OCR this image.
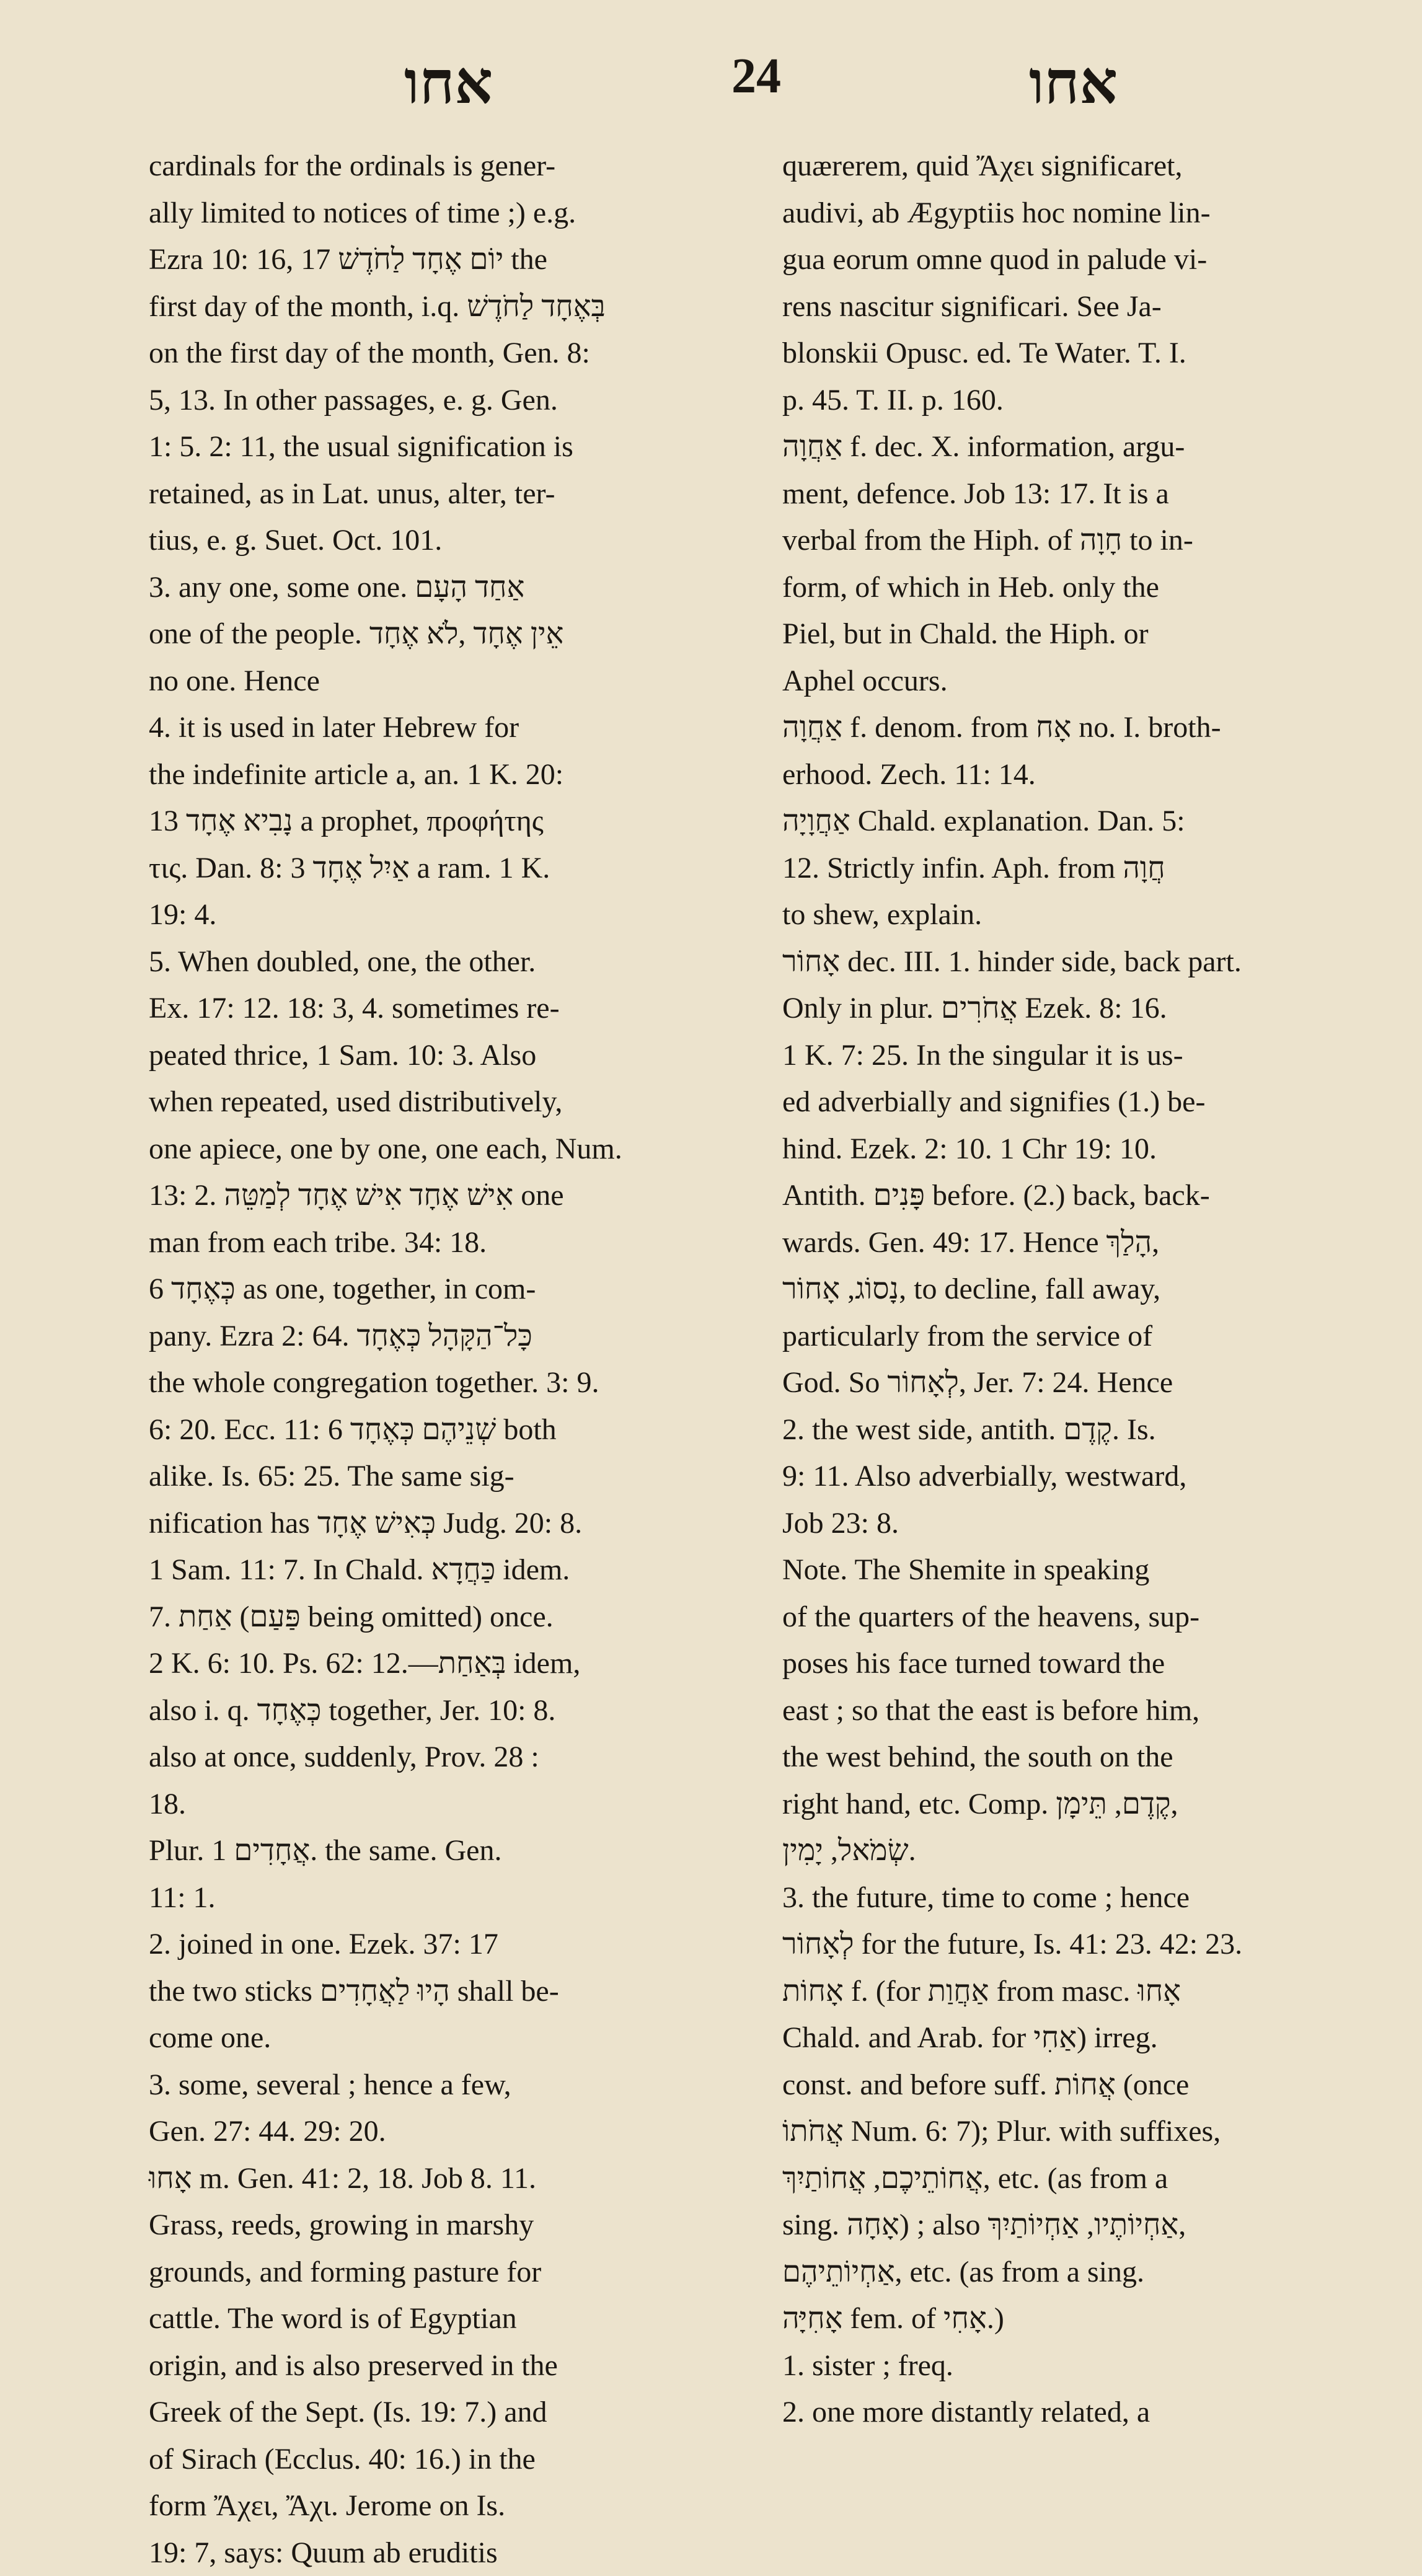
אחו	24	אחו
cardinals for the ordinals is gener-
ally limited to notices of time ;) e.g.
Ezra 10: 16, 17 יוֹם אֶחָד לַחֹדֶשׁ the
first day of the month, i.q. בְּאֶחָד לַחֹדֶשׁ
on the first day of the month, Gen. 8:
5, 13. In other passages, e. g. Gen.
1: 5. 2: 11, the usual signification is
retained, as in Lat. unus, alter, ter-
tius, e. g. Suet. Oct. 101.
3. any one, some one. אַחַד הָעָם
one of the people. אֵין אֶחָד ,לֹא אֶחָד
no one. Hence
4. it is used in later Hebrew for
the indefinite article a, an. 1 K. 20:
13 נָבִיא אֶחָד a prophet, προφήτης
τις. Dan. 8: 3 אַיִל אֶחָד a ram. 1 K.
19: 4.
5. When doubled, one, the other.
Ex. 17: 12. 18: 3, 4. sometimes re-
peated thrice, 1 Sam. 10: 3. Also
when repeated, used distributively,
one apiece, one by one, one each, Num.
13: 2. אִישׁ אֶחָד אִישׁ אֶחָד לְמַטֵּה one
man from each tribe. 34: 18.
6 כְּאֶחָד as one, together, in com-
pany. Ezra 2: 64. כָּל־הַקָּהָל כְּאֶחָד
the whole congregation together. 3: 9.
6: 20. Ecc. 11: 6 שְׁנֵיהֶם כְּאֶחָד both
alike. Is. 65: 25. The same sig-
nification has כְּאִישׁ אֶחָד Judg. 20: 8.
1 Sam. 11: 7. In Chald. כַּחֲדָא idem.
7. אַחַת (פַּעַם being omitted) once.
2 K. 6: 10. Ps. 62: 12.—בְּאַחַת idem,
also i. q. כְּאֶחָד together, Jer. 10: 8.
also at once, suddenly, Prov. 28 :
18.
Plur. אֲחָדִים 1. the same. Gen.
11: 1.
2. joined in one. Ezek. 37: 17
the two sticks הָיוּ לַאֲחָדִים shall be-
come one.
3. some, several ; hence a few,
Gen. 27: 44. 29: 20.
אָחוּ m. Gen. 41: 2, 18. Job 8. 11.
Grass, reeds, growing in marshy
grounds, and forming pasture for
cattle. The word is of Egyptian
origin, and is also preserved in the
Greek of the Sept. (Is. 19: 7.) and
of Sirach (Ecclus. 40: 16.) in the
form Ἄχει, Ἄχι. Jerome on Is.
19: 7, says: Quum ab eruditis
quærerem, quid Ἄχει significaret,
audivi, ab Ægyptiis hoc nomine lin-
gua eorum omne quod in palude vi-
rens nascitur significari. See Ja-
blonskii Opusc. ed. Te Water. T. I.
p. 45. T. II. p. 160.
אַחֲוָה f. dec. X. information, argu-
ment, defence. Job 13: 17. It is a
verbal from the Hiph. of חָוָה to in-
form, of which in Heb. only the
Piel, but in Chald. the Hiph. or
Aphel occurs.
אַחֲוָה f. denom. from אָח no. I. broth-
erhood. Zech. 11: 14.
אַחֲוָיָה Chald. explanation. Dan. 5:
12. Strictly infin. Aph. from חֲוָה
to shew, explain.
אָחוֹר dec. III. 1. hinder side, back part.
Only in plur. אֲחֹרִים Ezek. 8: 16.
1 K. 7: 25. In the singular it is us-
ed adverbially and signifies (1.) be-
hind. Ezek. 2: 10. 1 Chr 19: 10.
Antith. פָּנִים before. (2.) back, back-
wards. Gen. 49: 17. Hence הָלַךְ,
נָסוֹג, אָחוֹר, to decline, fall away,
particularly from the service of
God. So לְאָחוֹר, Jer. 7: 24. Hence
2. the west side, antith. קֶדֶם. Is.
9: 11. Also adverbially, westward,
Job 23: 8.
Note. The Shemite in speaking
of the quarters of the heavens, sup-
poses his face turned toward the
east ; so that the east is before him,
the west behind, the south on the
right hand, etc. Comp. קֶדֶם, תֵּימָן,
שְׂמֹאל, יָמִין.
3. the future, time to come ; hence
לְאָחוֹר for the future, Is. 41: 23. 42: 23.
אָחוֹת f. (for אַחֲוַת from masc. אָחוּ
Chald. and Arab. for אַחִי) irreg.
const. and before suff. אֲחוֹת (once
אֲחֹתוֹ Num. 6: 7); Plur. with suffixes,
אֲחוֹתֵיכֶם, אֲחוֹתַיִךְ, etc. (as from a
sing. אָחָה) ; also אַחְיוֹתֶיו, אַחְיוֹתַיִךְ,
אַחְיוֹתֵיהֶם, etc. (as from a sing.
אָחִיָּה fem. of אָחִי.)
1. sister ; freq.
2. one more distantly related, a
